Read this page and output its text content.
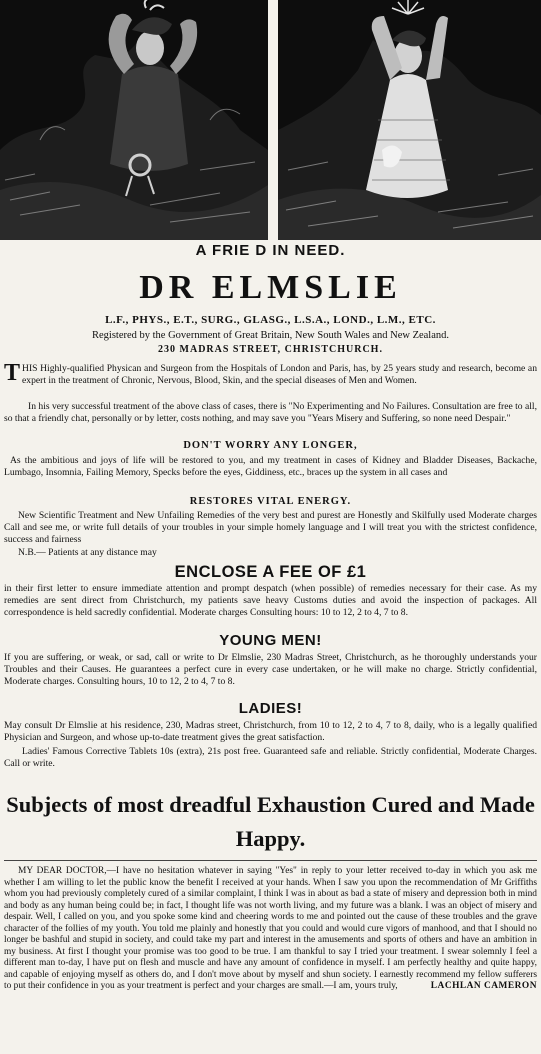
A FRIE D IN NEED.
DR ELMSLIE
L.F., PHYS., E.T., SURG., GLASG., L.S.A., LOND., L.M., ETC.
Registered by the Government of Great Britain, New South Wales and New Zealand.
230 MADRAS STREET, CHRISTCHURCH.
THIS Highly-qualified Physican and Surgeon from the Hospitals of London and Paris, has, by 25 years study and research, become an expert in the treatment of Chronic, Nervous, Blood, Skin, and the special diseases of Men and Women.
In his very successful treatment of the above class of cases, there is "No Experimenting and No Failures. Consultation are free to all, so that a friendly chat, personally or by letter, costs nothing, and may save you "Years Misery and Suffering, so none need Despair."
DON'T WORRY ANY LONGER,
As the ambitious and joys of life will be restored to you, and my treatment in cases of Kidney and Bladder Diseases, Backache, Lumbago, Insomnia, Failing Memory, Specks before the eyes, Giddiness, etc., braces up the system in all cases and
RESTORES VITAL ENERGY.
New Scientific Treatment and New Unfailing Remedies of the very best and purest are Honestly and Skilfully used Moderate charges Call and see me, or write full details of your troubles in your simple homely language and I will treat you with the strictest confidence, success and fairness
N.B.— Patients at any distance may
ENCLOSE A FEE OF £1
in their first letter to ensure immediate attention and prompt despatch (when possible) of remedies necessary for their case. As my remedies are sent direct from Christchurch, my patients save heavy Customs duties and avoid the inspection of packages. All correspondence is held sacredly confidential. Moderate charges Consulting hours: 10 to 12, 2 to 4, 7 to 8.
YOUNG MEN!
If you are suffering, or weak, or sad, call or write to Dr Elmslie, 230 Madras Street, Christchurch, as he thoroughly understands your Troubles and their Causes. He guarantees a perfect cure in every case undertaken, or he will make no charge. Strictly confidential, Moderate charges. Consulting hours, 10 to 12, 2 to 4, 7 to 8.
LADIES!
May consult Dr Elmslie at his residence, 230, Madras street, Christchurch, from 10 to 12, 2 to 4, 7 to 8, daily, who is a legally qualified Physician and Surgeon, and whose up-to-date treatment gives the great satisfaction.
Ladies' Famous Corrective Tablets 10s (extra), 21s post free. Guaranteed safe and reliable. Strictly confidential, Moderate Charges. Call or write.
Subjects of most dreadful Exhaustion Cured and Made Happy.
MY DEAR DOCTOR,—I have no hesitation whatever in saying "Yes" in reply to your letter received to-day in which you ask me whether I am willing to let the public know the benefit I received at your hands. When I saw you upon the recommendation of Mr Griffiths whom you had previously completely cured of a similar complaint, I think I was in about as bad a state of misery and depression both in mind and body as any human being could be; in fact, I thought life was not worth living, and my future was a blank. I was an object of misery and despair. Well, I called on you, and you spoke some kind and cheering words to me and pointed out the cause of these troubles and the grave character of the follies of my youth. You told me plainly and honestly that you could and would cure vigors of manhood, and that I should no longer be bashful and stupid in society, and could take my part and interest in the amusements and sports of others and have an ambition in my business. At first I thought your promise was too good to be true. I am thankful to say I tried your treatment. I swear solemnly I feel a different man to-day, I have put on flesh and muscle and have any amount of confidence in myself. I am perfectly healthy and quite happy, and capable of enjoying myself as others do, and I don't move about by myself and shun society. I earnestly recommend my fellow sufferers to put their confidence in you as your treatment is perfect and your charges are small.—I am, yours truly,	LACHLAN CAMERON
